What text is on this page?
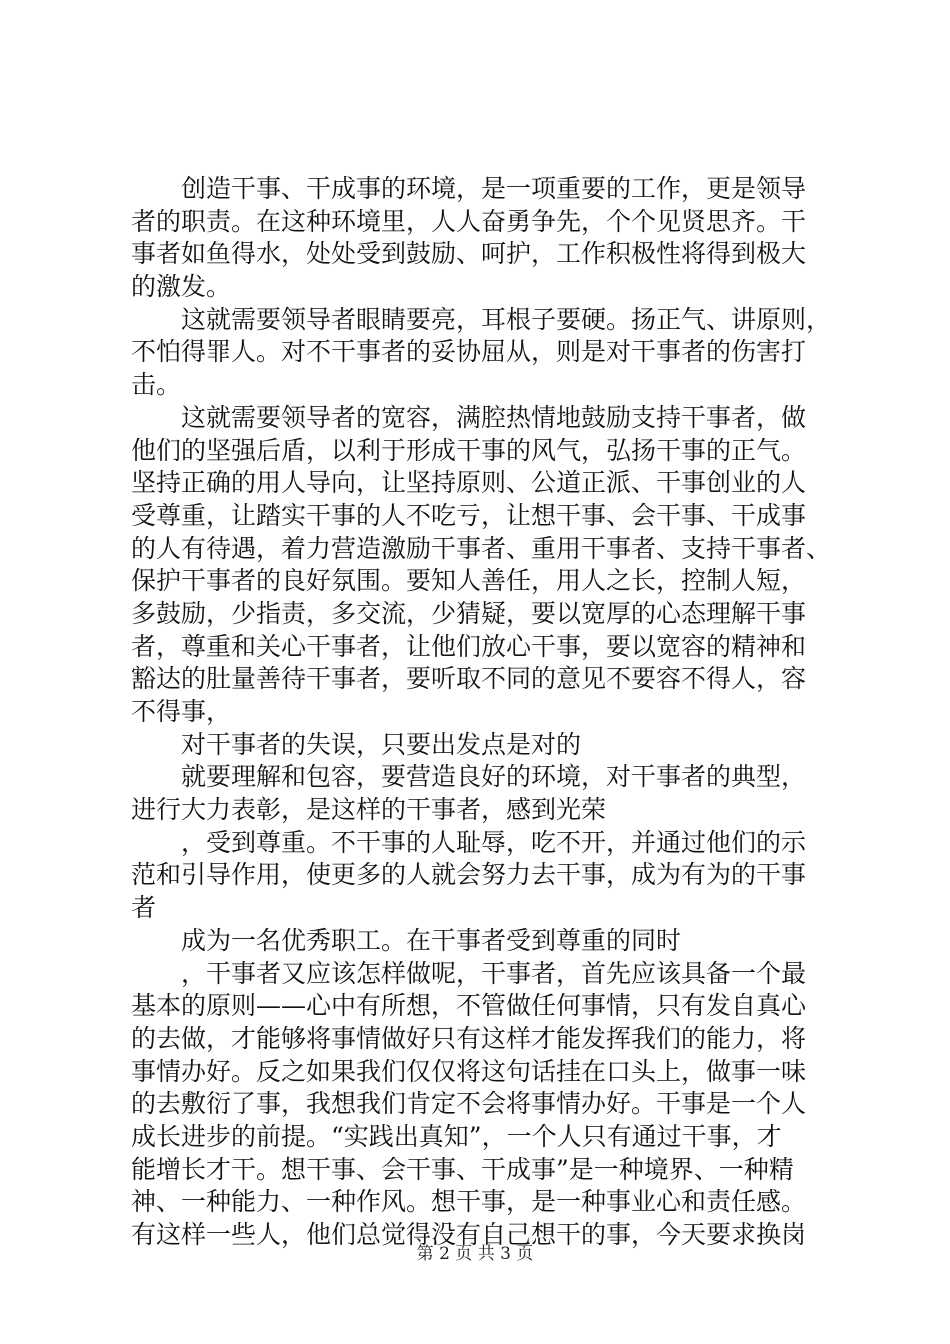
创造干事、干成事的环境，是一项重要的工作，更是领导
者的职责。在这种环境里，人人奋勇争先，个个见贤思齐。干
事者如鱼得水，处处受到鼓励、呵护，工作积极性将得到极大
的激发。
这就需要领导者眼睛要亮，耳根子要硬。扬正气、讲原则，
不怕得罪人。对不干事者的妥协屈从，则是对干事者的伤害打
击。
这就需要领导者的宽容，满腔热情地鼓励支持干事者，做
他们的坚强后盾，以利于形成干事的风气，弘扬干事的正气。
坚持正确的用人导向，让坚持原则、公道正派、干事创业的人
受尊重，让踏实干事的人不吃亏，让想干事、会干事、干成事
的人有待遇，着力营造激励干事者、重用干事者、支持干事者、
保护干事者的良好氛围。要知人善任，用人之长，控制人短，
多鼓励，少指责，多交流，少猜疑，要以宽厚的心态理解干事
者，尊重和关心干事者，让他们放心干事，要以宽容的精神和
豁达的肚量善待干事者，要听取不同的意见不要容不得人，容
不得事，
对干事者的失误，只要出发点是对的
就要理解和包容，要营造良好的环境，对干事者的典型，
进行大力表彰，是这样的干事者，感到光荣
，受到尊重。不干事的人耻辱，吃不开，并通过他们的示
范和引导作用，使更多的人就会努力去干事，成为有为的干事
者
成为一名优秀职工。在干事者受到尊重的同时
，干事者又应该怎样做呢，干事者，首先应该具备一个最
基本的原则——心中有所想，不管做任何事情，只有发自真心
的去做，才能够将事情做好只有这样才能发挥我们的能力，将
事情办好。反之如果我们仅仅将这句话挂在口头上，做事一味
的去敷衍了事，我想我们肯定不会将事情办好。干事是一个人
成长进步的前提。“实践出真知”，一个人只有通过干事，才
能增长才干。想干事、会干事、干成事”是一种境界、一种精
神、一种能力、一种作风。想干事，是一种事业心和责任感。
有这样一些人，他们总觉得没有自己想干的事，今天要求换岗
第 2 页 共 3 页
